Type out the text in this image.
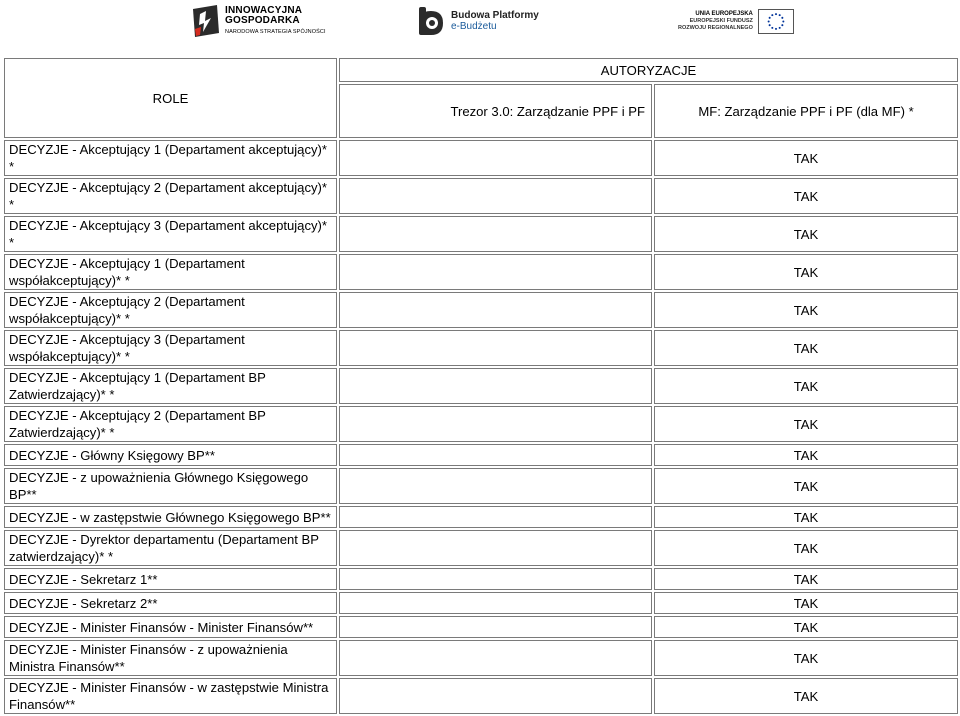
INNOWACYJNA
GOSPODARKA
NARODOWA STRATEGIA SPÓJNOŚCI
Budowa Platformy
e-Budżetu
UNIA EUROPEJSKA
EUROPEJSKI FUNDUSZ
ROZWOJU REGIONALNEGO
ROLE	AUTORYZACJE	
	Trezor 3.0: Zarządzanie PPF i PF	MF: Zarządzanie PPF i PF (dla MF) *
DECYZJE - Akceptujący 1 (Departament akceptujący)* *		TAK
DECYZJE - Akceptujący 2 (Departament akceptujący)* *		TAK
DECYZJE - Akceptujący 3 (Departament akceptujący)* *		TAK
DECYZJE - Akceptujący 1 (Departament współakceptujący)* *		TAK
DECYZJE - Akceptujący 2 (Departament współakceptujący)* *		TAK
DECYZJE - Akceptujący 3 (Departament współakceptujący)* *		TAK
DECYZJE - Akceptujący 1 (Departament BP Zatwierdzający)* *		TAK
DECYZJE - Akceptujący 2 (Departament BP Zatwierdzający)* *		TAK
DECYZJE - Główny Księgowy BP**		TAK
DECYZJE - z upoważnienia Głównego Księgowego BP**		TAK
DECYZJE - w zastępstwie Głównego Księgowego BP**		TAK
DECYZJE - Dyrektor departamentu (Departament BP zatwierdzający)* *		TAK
DECYZJE - Sekretarz 1**		TAK
DECYZJE - Sekretarz 2**		TAK
DECYZJE - Minister Finansów - Minister Finansów**		TAK
DECYZJE - Minister Finansów - z upoważnienia Ministra Finansów**		TAK
DECYZJE - Minister Finansów - w zastępstwie Ministra Finansów**		TAK
